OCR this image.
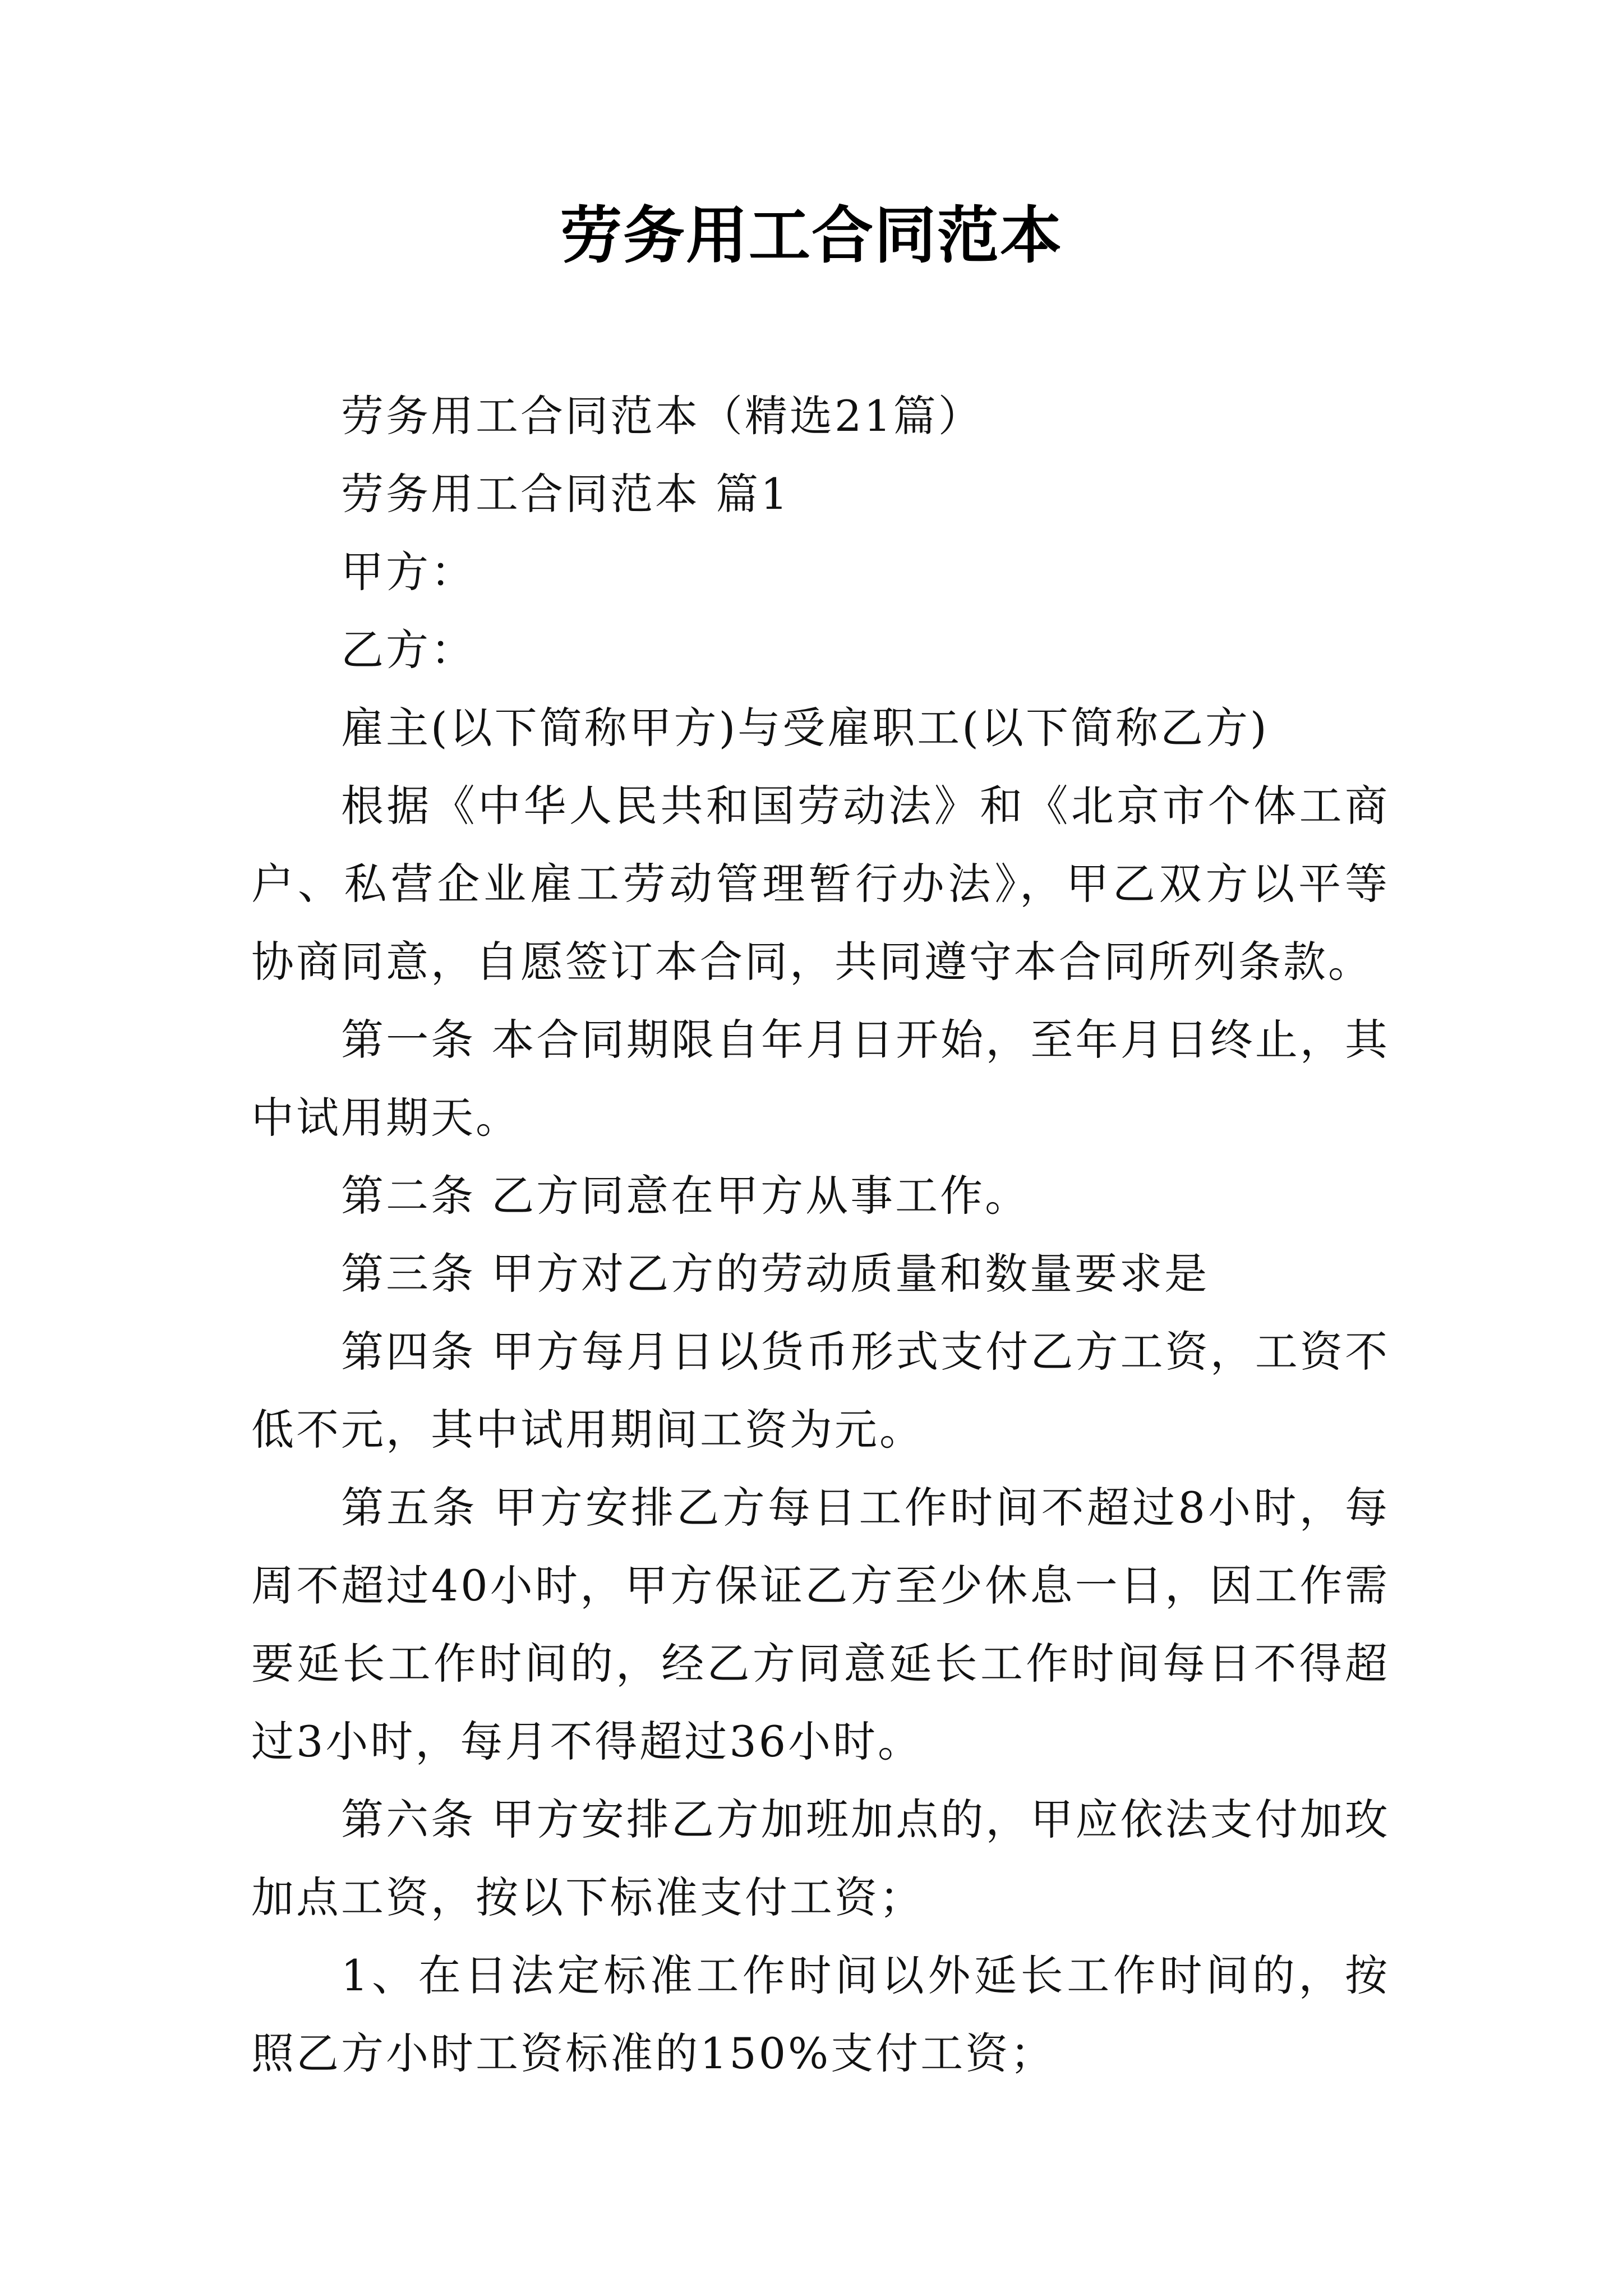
劳务用工合同范本

劳务用工合同范本（精选21篇）

劳务用工合同范本 篇1

甲方：

乙方：

雇主(以下简称甲方)与受雇职工(以下简称乙方)

根据《中华人民共和国劳动法》和《北京市个体工商户、私营企业雇工劳动管理暂行办法》，甲乙双方以平等协商同意，自愿签订本合同，共同遵守本合同所列条款。

第一条 本合同期限自年月日开始，至年月日终止，其中试用期天。

第二条 乙方同意在甲方从事工作。

第三条 甲方对乙方的劳动质量和数量要求是

第四条 甲方每月日以货币形式支付乙方工资，工资不低不元，其中试用期间工资为元。

第五条 甲方安排乙方每日工作时间不超过8小时，每周不超过40小时，甲方保证乙方至少休息一日，因工作需要延长工作时间的，经乙方同意延长工作时间每日不得超过3小时，每月不得超过36小时。

第六条 甲方安排乙方加班加点的，甲应依法支付加玫加点工资，按以下标准支付工资；

1、在日法定标准工作时间以外延长工作时间的，按照乙方小时工资标准的150%支付工资；
